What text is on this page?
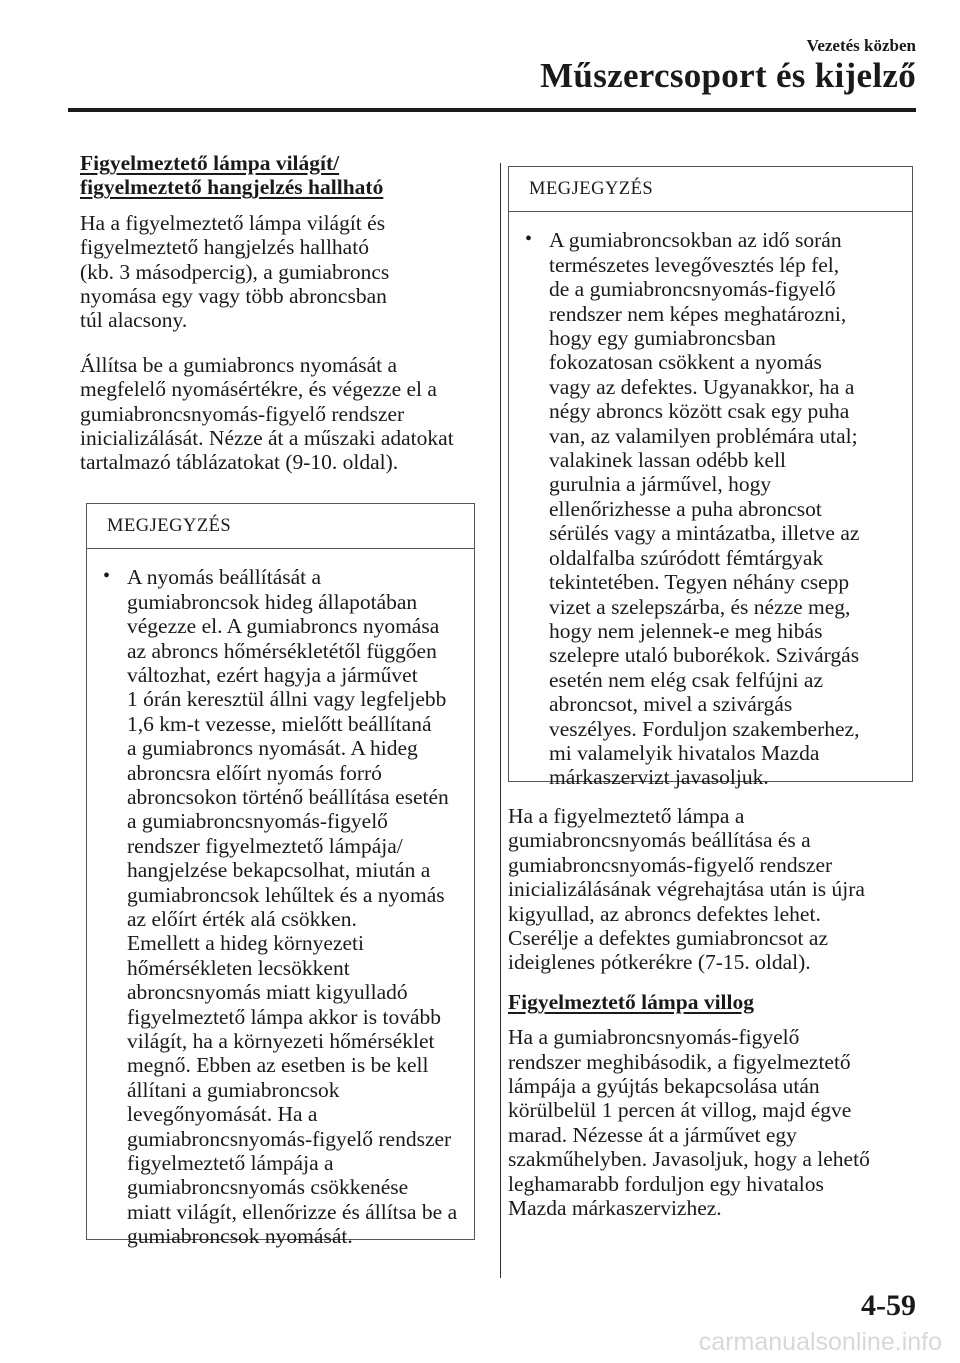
Vezetés közben
Műszercsoport és kijelző
Figyelmeztető lámpa világít/
figyelmeztető hangjelzés hallható

Ha a figyelmeztető lámpa világít és
figyelmeztető hangjelzés hallható
(kb. 3 másodpercig), a gumiabroncs
nyomása egy vagy több abroncsban
túl alacsony.

Állítsa be a gumiabroncs nyomását a
megfelelő nyomásértékre, és végezze el a
gumiabroncsnyomás-figyelő rendszer
inicializálását. Nézze át a műszaki adatokat
tartalmazó táblázatokat (9-10. oldal).

MEGJEGYZÉS
• A nyomás beállítását a
gumiabroncsok hideg állapotában
végezze el. A gumiabroncs nyomása
az abroncs hőmérsékletétől függően
változhat, ezért hagyja a járművet
1 órán keresztül állni vagy legfeljebb
1,6 km-t vezesse, mielőtt beállítaná
a gumiabroncs nyomását. A hideg
abroncsra előírt nyomás forró
abroncsokon történő beállítása esetén
a gumiabroncsnyomás-figyelő
rendszer figyelmeztető lámpája/
hangjelzése bekapcsolhat, miután a
gumiabroncsok lehűltek és a nyomás
az előírt érték alá csökken.
Emellett a hideg környezeti
hőmérsékleten lecsökkent
abroncsnyomás miatt kigyulladó
figyelmeztető lámpa akkor is tovább
világít, ha a környezeti hőmérséklet
megnő. Ebben az esetben is be kell
állítani a gumiabroncsok
levegőnyomását. Ha a
gumiabroncsnyomás-figyelő rendszer
figyelmeztető lámpája a
gumiabroncsnyomás csökkenése
miatt világít, ellenőrizze és állítsa be a
gumiabroncsok nyomását.
MEGJEGYZÉS
• A gumiabroncsokban az idő során
természetes levegővesztés lép fel,
de a gumiabroncsnyomás-figyelő
rendszer nem képes meghatározni,
hogy egy gumiabroncsban
fokozatosan csökkent a nyomás
vagy az defektes. Ugyanakkor, ha a
négy abroncs között csak egy puha
van, az valamilyen problémára utal;
valakinek lassan odébb kell
gurulnia a járművel, hogy
ellenőrizhesse a puha abroncsot
sérülés vagy a mintázatba, illetve az
oldalfalba szúródott fémtárgyak
tekintetében. Tegyen néhány csepp
vizet a szelepszárba, és nézze meg,
hogy nem jelennek-e meg hibás
szelepre utaló buborékok. Szivárgás
esetén nem elég csak felfújni az
abroncsot, mivel a szivárgás
veszélyes. Forduljon szakemberhez,
mi valamelyik hivatalos Mazda
márkaszervizt javasoljuk.

Ha a figyelmeztető lámpa a
gumiabroncsnyomás beállítása és a
gumiabroncsnyomás-figyelő rendszer
inicializálásának végrehajtása után is újra
kigyullad, az abroncs defektes lehet.
Cserélje a defektes gumiabroncsot az
ideiglenes pótkerékre (7-15. oldal).

Figyelmeztető lámpa villog

Ha a gumiabroncsnyomás-figyelő
rendszer meghibásodik, a figyelmeztető
lámpája a gyújtás bekapcsolása után
körülbelül 1 percen át villog, majd égve
marad. Nézesse át a járművet egy
szakműhelyben. Javasoljuk, hogy a lehető
leghamarabb forduljon egy hivatalos
Mazda márkaszervizhez.

4-59
carmanualsonline.info
